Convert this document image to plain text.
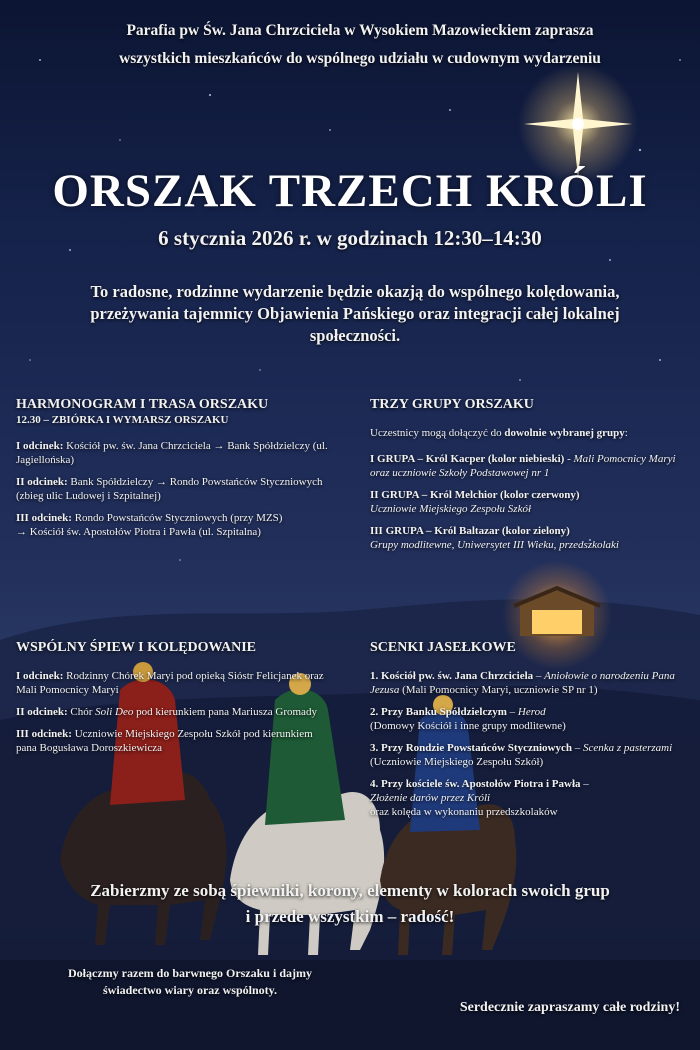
Parafia pw Św. Jana Chrzciciela w Wysokiem Mazowieckiem zaprasza

wszystkich mieszkańców do wspólnego udziału w cudownym wydarzeniu

ORSZAK TRZECH KRÓLI

6 stycznia 2026 r. w godzinach 12:30–14:30

To radosne, rodzinne wydarzenie będzie okazją do wspólnego kolędowania, przeżywania tajemnicy Objawienia Pańskiego oraz integracji całej lokalnej społeczności.

HARMONOGRAM I TRASA ORSZAKU
12.30 – ZBIÓRKA I WYMARSZ ORSZAKU

I odcinek: Kościół pw. św. Jana Chrzciciela → Bank Spółdzielczy (ul. Jagiellońska)

II odcinek: Bank Spółdzielczy → Rondo Powstańców Styczniowych
(zbieg ulic Ludowej i Szpitalnej)

III odcinek: Rondo Powstańców Styczniowych (przy MZS)
→ Kościół św. Apostołów Piotra i Pawła (ul. Szpitalna)

TRZY GRUPY ORSZAKU

Uczestnicy mogą dołączyć do dowolnie wybranej grupy:

I GRUPA – Król Kacper (kolor niebieski) - Mali Pomocnicy Maryi oraz uczniowie Szkoły Podstawowej nr 1

II GRUPA – Król Melchior (kolor czerwony)
Uczniowie Miejskiego Zespołu Szkół

III GRUPA – Król Baltazar (kolor zielony)
Grupy modlitewne, Uniwersytet III Wieku, przedszkolaki

WSPÓLNY ŚPIEW I KOLĘDOWANIE

I odcinek: Rodzinny Chórek Maryi pod opieką Sióstr Felicjanek oraz Mali Pomocnicy Maryi

II odcinek: Chór Soli Deo pod kierunkiem pana Mariusza Gromady

III odcinek: Uczniowie Miejskiego Zespołu Szkół pod kierunkiem pana Bogusława Doroszkiewicza

SCENKI JASEŁKOWE

1. Kościół pw. św. Jana Chrzciciela – Aniołowie o narodzeniu Pana Jezusa (Mali Pomocnicy Maryi, uczniowie SP nr 1)

2. Przy Banku Spółdzielczym – Herod
(Domowy Kościół i inne grupy modlitewne)

3. Przy Rondzie Powstańców Styczniowych – Scenka z pasterzami (Uczniowie Miejskiego Zespołu Szkół)

4. Przy kościele św. Apostołów Piotra i Pawła –
Złożenie darów przez Króli
oraz kolęda w wykonaniu przedszkolaków

Zabierzmy ze sobą śpiewniki, korony, elementy w kolorach swoich grup
i przede wszystkim – radość!
Dołączmy razem do barwnego Orszaku i dajmy
świadectwo wiary oraz wspólnoty.
Serdecznie zapraszamy całe rodziny!
